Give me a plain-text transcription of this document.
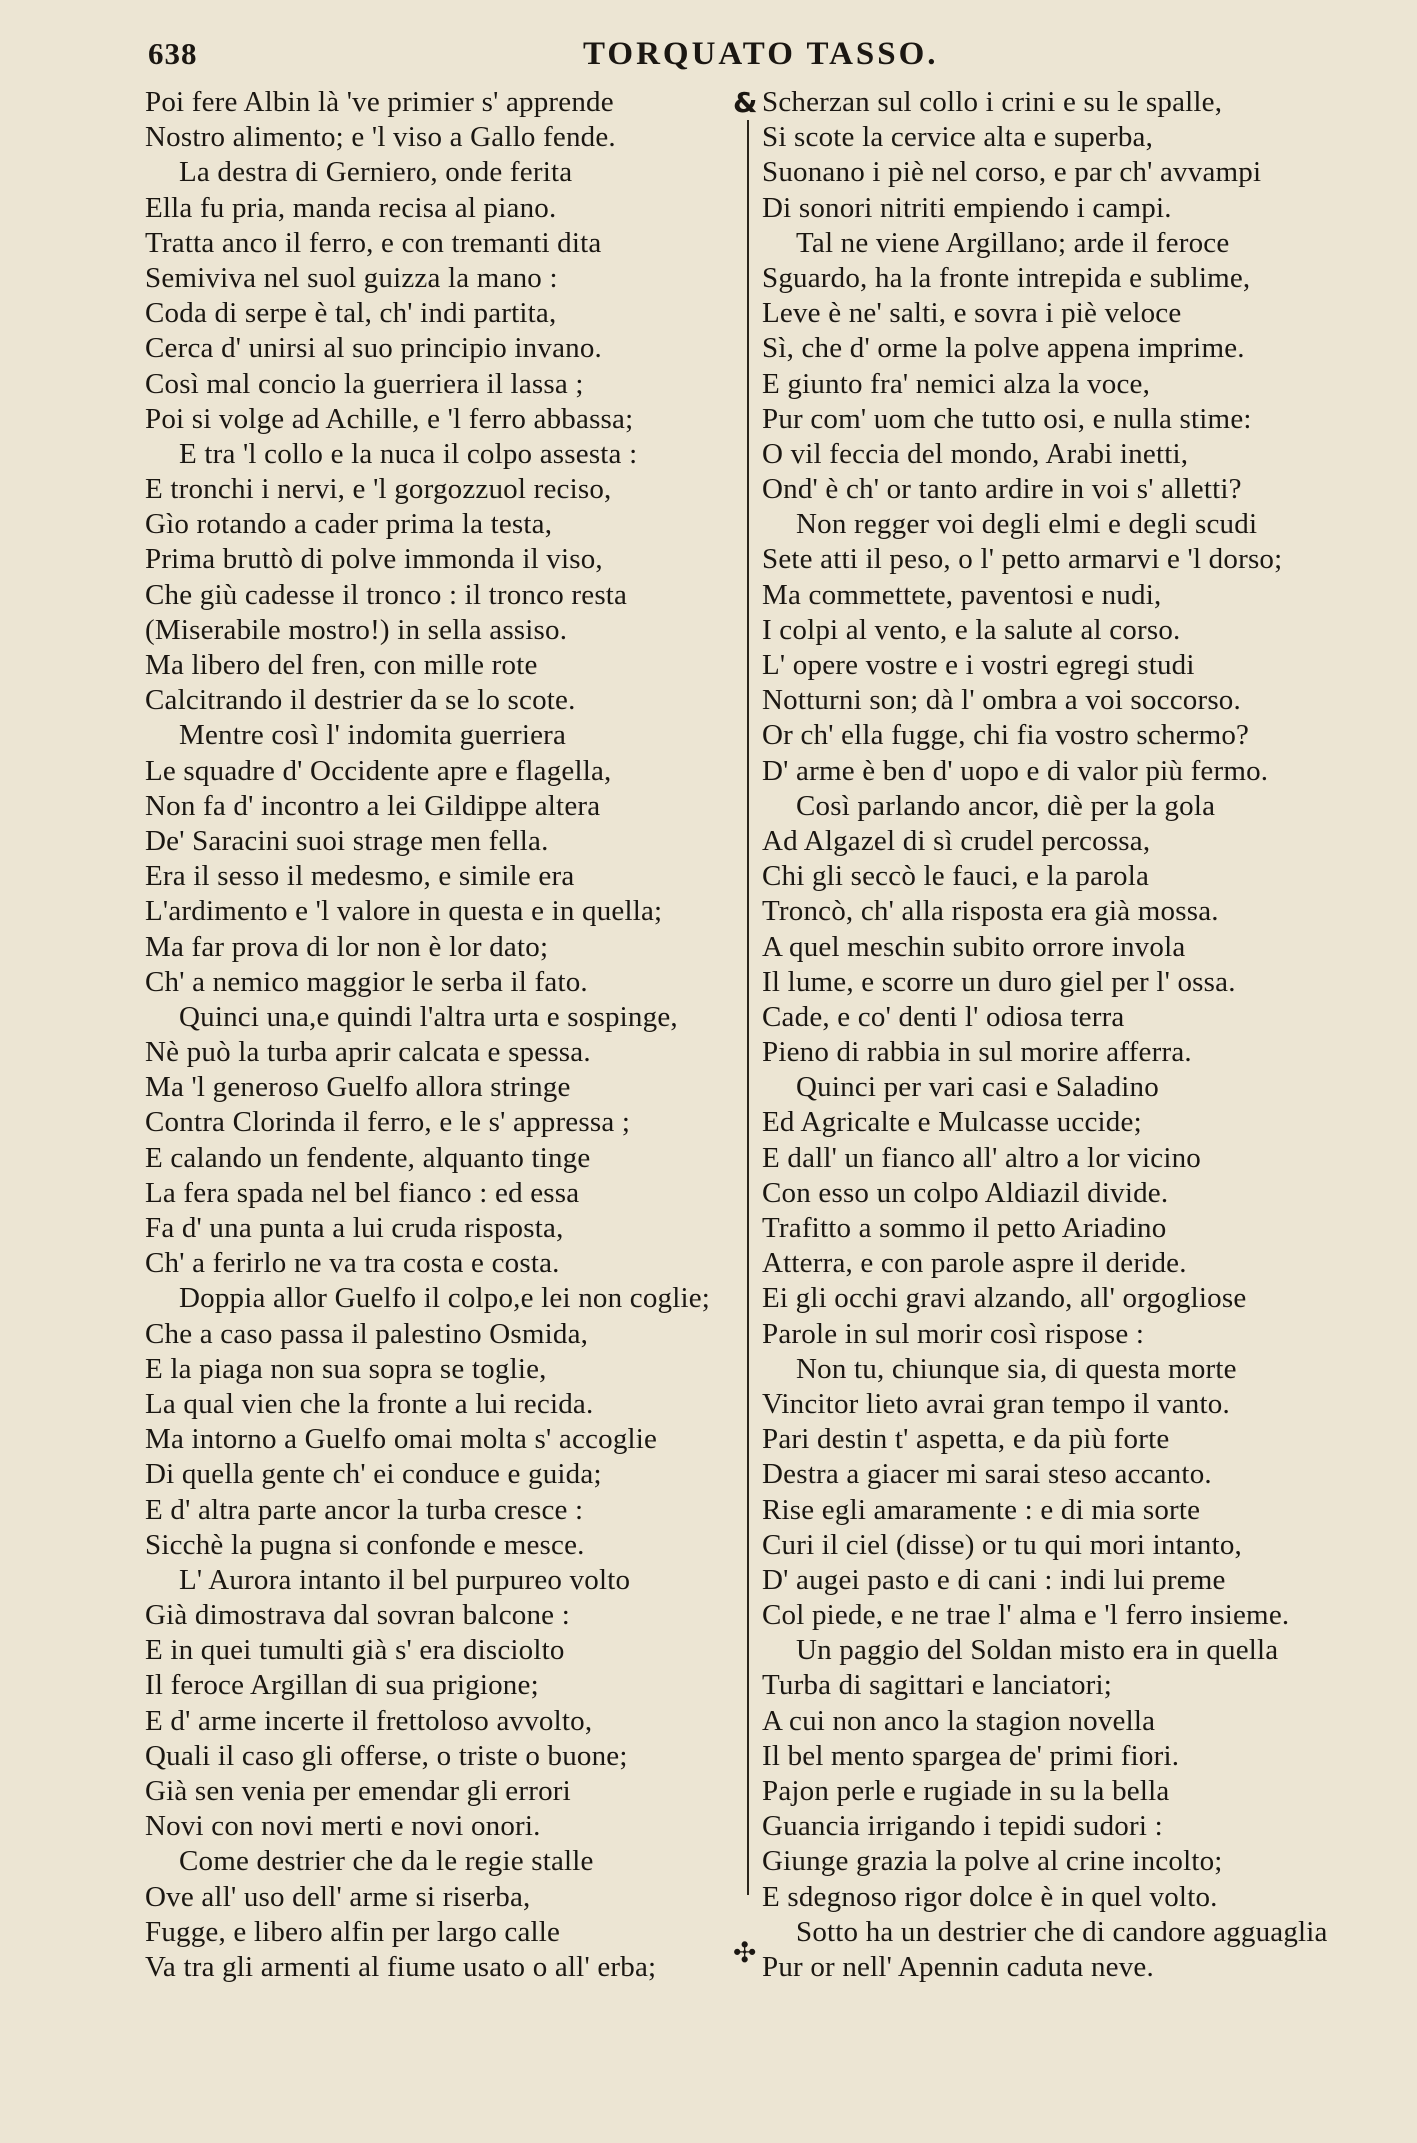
638	TORQUATO TASSO.
Poi fere Albin là 've primier s' apprende
Nostro alimento; e 'l viso a Gallo fende.
La destra di Gerniero, onde ferita
Ella fu pria, manda recisa al piano.
Tratta anco il ferro, e con tremanti dita
Semiviva nel suol guizza la mano :
Coda di serpe è tal, ch' indi partita,
Cerca d' unirsi al suo principio invano.
Così mal concio la guerriera il lassa ;
Poi si volge ad Achille, e 'l ferro abbassa;
E tra 'l collo e la nuca il colpo assesta :
E tronchi i nervi, e 'l gorgozzuol reciso,
Gìo rotando a cader prima la testa,
Prima bruttò di polve immonda il viso,
Che giù cadesse il tronco : il tronco resta
(Miserabile mostro!) in sella assiso.
Ma libero del fren, con mille rote
Calcitrando il destrier da se lo scote.
Mentre così l' indomita guerriera
Le squadre d' Occidente apre e flagella,
Non fa d' incontro a lei Gildippe altera
De' Saracini suoi strage men fella.
Era il sesso il medesmo, e simile era
L'ardimento e 'l valore in questa e in quella;
Ma far prova di lor non è lor dato;
Ch' a nemico maggior le serba il fato.
Quinci una,e quindi l'altra urta e sospinge,
Nè può la turba aprir calcata e spessa.
Ma 'l generoso Guelfo allora stringe
Contra Clorinda il ferro, e le s' appressa ;
E calando un fendente, alquanto tinge
La fera spada nel bel fianco : ed essa
Fa d' una punta a lui cruda risposta,
Ch' a ferirlo ne va tra costa e costa.
Doppia allor Guelfo il colpo,e lei non coglie;
Che a caso passa il palestino Osmida,
E la piaga non sua sopra se toglie,
La qual vien che la fronte a lui recida.
Ma intorno a Guelfo omai molta s' accoglie
Di quella gente ch' ei conduce e guida;
E d' altra parte ancor la turba cresce :
Sicchè la pugna si confonde e mesce.
L' Aurora intanto il bel purpureo volto
Già dimostrava dal sovran balcone :
E in quei tumulti già s' era disciolto
Il feroce Argillan di sua prigione;
E d' arme incerte il frettoloso avvolto,
Quali il caso gli offerse, o triste o buone;
Già sen venia per emendar gli errori
Novi con novi merti e novi onori.
Come destrier che da le regie stalle
Ove all' uso dell' arme si riserba,
Fugge, e libero alfin per largo calle
Va tra gli armenti al fiume usato o all' erba;
&
✣
Scherzan sul collo i crini e su le spalle,
Si scote la cervice alta e superba,
Suonano i piè nel corso, e par ch' avvampi
Di sonori nitriti empiendo i campi.
Tal ne viene Argillano; arde il feroce
Sguardo, ha la fronte intrepida e sublime,
Leve è ne' salti, e sovra i piè veloce
Sì, che d' orme la polve appena imprime.
E giunto fra' nemici alza la voce,
Pur com' uom che tutto osi, e nulla stime:
O vil feccia del mondo, Arabi inetti,
Ond' è ch' or tanto ardire in voi s' alletti?
Non regger voi degli elmi e degli scudi
Sete atti il peso, o l' petto armarvi e 'l dorso;
Ma commettete, paventosi e nudi,
I colpi al vento, e la salute al corso.
L' opere vostre e i vostri egregi studi
Notturni son; dà l' ombra a voi soccorso.
Or ch' ella fugge, chi fia vostro schermo?
D' arme è ben d' uopo e di valor più fermo.
Così parlando ancor, diè per la gola
Ad Algazel di sì crudel percossa,
Chi gli seccò le fauci, e la parola
Troncò, ch' alla risposta era già mossa.
A quel meschin subito orrore invola
Il lume, e scorre un duro giel per l' ossa.
Cade, e co' denti l' odiosa terra
Pieno di rabbia in sul morire afferra.
Quinci per vari casi e Saladino
Ed Agricalte e Mulcasse uccide;
E dall' un fianco all' altro a lor vicino
Con esso un colpo Aldiazil divide.
Trafitto a sommo il petto Ariadino
Atterra, e con parole aspre il deride.
Ei gli occhi gravi alzando, all' orgogliose
Parole in sul morir così rispose :
Non tu, chiunque sia, di questa morte
Vincitor lieto avrai gran tempo il vanto.
Pari destin t' aspetta, e da più forte
Destra a giacer mi sarai steso accanto.
Rise egli amaramente : e di mia sorte
Curi il ciel (disse) or tu qui mori intanto,
D' augei pasto e di cani : indi lui preme
Col piede, e ne trae l' alma e 'l ferro insieme.
Un paggio del Soldan misto era in quella
Turba di sagittari e lanciatori;
A cui non anco la stagion novella
Il bel mento spargea de' primi fiori.
Pajon perle e rugiade in su la bella
Guancia irrigando i tepidi sudori :
Giunge grazia la polve al crine incolto;
E sdegnoso rigor dolce è in quel volto.
Sotto ha un destrier che di candore agguaglia
Pur or nell' Apennin caduta neve.
